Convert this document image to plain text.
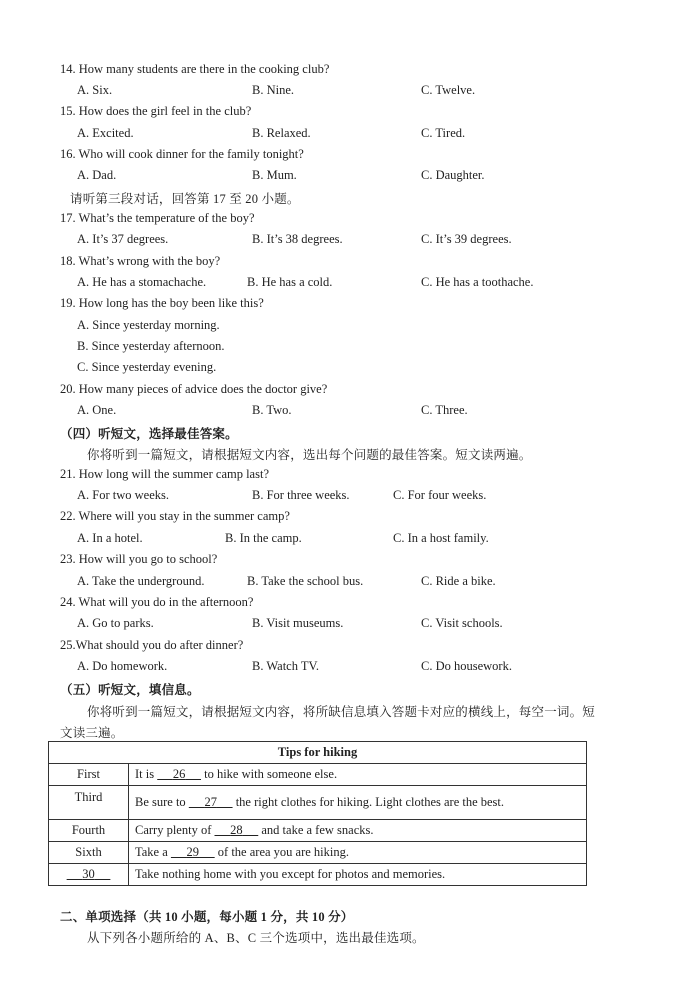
14. How many students are there in the cooking club?
A. Six.	B. Nine.	C. Twelve.
15. How does the girl feel in the club?
A. Excited.	B. Relaxed.	C. Tired.
16. Who will cook dinner for the family tonight?
A. Dad.	B. Mum.	C. Daughter.
请听第三段对话，回答第 17 至 20 小题。
17. What’s the temperature of the boy?
A. It’s 37 degrees.	B. It’s 38 degrees.	C. It’s 39 degrees.
18. What’s wrong with the boy?
A. He has a stomachache.	B. He has a cold.	C. He has a toothache.
19. How long has the boy been like this?
A. Since yesterday morning.
B. Since yesterday afternoon.
C. Since yesterday evening.
20. How many pieces of advice does the doctor give?
A. One.	B. Two.	C. Three.
（四）听短文，选择最佳答案。
你将听到一篇短文，请根据短文内容，选出每个问题的最佳答案。短文读两遍。
21. How long will the summer camp last?
A. For two weeks.	B. For three weeks.	C. For four weeks.
22. Where will you stay in the summer camp?
A. In a hotel.	B. In the camp.	C. In a host family.
23. How will you go to school?
A. Take the underground.	B. Take the school bus.	C. Ride a bike.
24. What will you do in the afternoon?
A. Go to parks.	B. Visit museums.	C. Visit schools.
25.What should you do after dinner?
A. Do homework.	B. Watch TV.	C. Do housework.
（五）听短文，填信息。
你将听到一篇短文，请根据短文内容，将所缺信息填入答题卡对应的横线上，每空一词。短
文读三遍。
Tips for hiking	
First	It is      26      to hike with someone else.
Third	Be sure to      27      the right clothes for hiking. Light clothes are the best.
Fourth	Carry plenty of      28      and take a few snacks.
Sixth	Take a      29      of the area you are hiking.
30	Take nothing home with you except for photos and memories.
二、单项选择（共 10 小题，每小题 1 分，共 10 分）
从下列各小题所给的 A、B、C 三个选项中，选出最佳选项。
